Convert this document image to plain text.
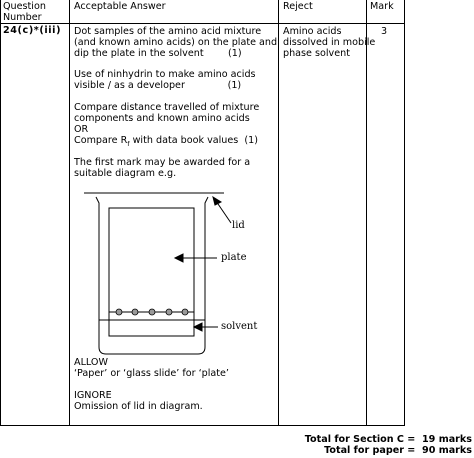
Question
Number
Acceptable Answer	Reject	Mark
24(c)*(iii) Dot samples of the amino acid mixture
(and known amino acids) on the plate and
dip the plate in the solvent        (1)
Use of ninhydrin to make amino acids
visible / as a developer              (1)
Compare distance travelled of mixture
components and known amino acids
OR
Compare $R_f$ with data book values  (1)
The first mark may be awarded for a
suitable diagram e.g.
lid
plate
solvent
ALLOW
‘Paper’ or ‘glass slide’ for ‘plate’
IGNORE
Omission of lid in diagram.
Amino acids
dissolved in mobile
phase solvent
3
Total for Section C =  19 marks
Total for paper =  90 marks
